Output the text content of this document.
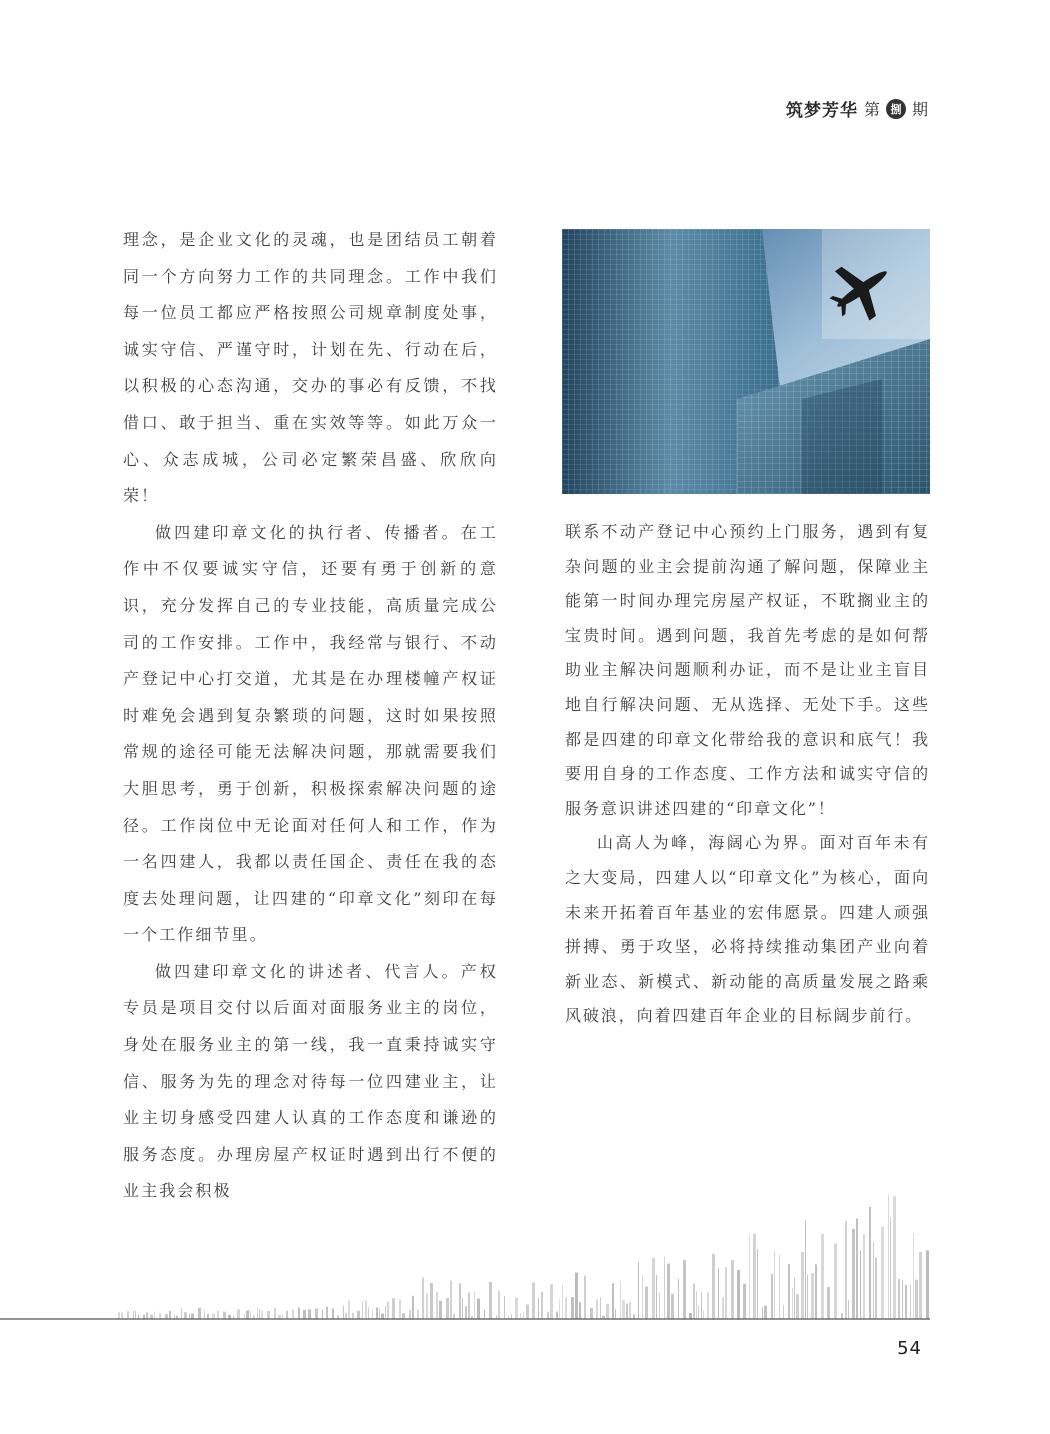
筑梦芳华 第 捌 期

理念，是企业文化的灵魂，也是团结员工朝着同一个方向努力工作的共同理念。工作中我们每一位员工都应严格按照公司规章制度处事，诚实守信、严谨守时，计划在先、行动在后，以积极的心态沟通，交办的事必有反馈，不找借口、敢于担当、重在实效等等。如此万众一心、众志成城，公司必定繁荣昌盛、欣欣向荣！

做四建印章文化的执行者、传播者。在工作中不仅要诚实守信，还要有勇于创新的意识，充分发挥自己的专业技能，高质量完成公司的工作安排。工作中，我经常与银行、不动产登记中心打交道，尤其是在办理楼幢产权证时难免会遇到复杂繁琐的问题，这时如果按照常规的途径可能无法解决问题，那就需要我们大胆思考，勇于创新，积极探索解决问题的途径。工作岗位中无论面对任何人和工作，作为一名四建人，我都以责任国企、责任在我的态度去处理问题，让四建的“印章文化”刻印在每一个工作细节里。

做四建印章文化的讲述者、代言人。产权专员是项目交付以后面对面服务业主的岗位，身处在服务业主的第一线，我一直秉持诚实守信、服务为先的理念对待每一位四建业主，让业主切身感受四建人认真的工作态度和谦逊的服务态度。办理房屋产权证时遇到出行不便的业主我会积极

联系不动产登记中心预约上门服务，遇到有复杂问题的业主会提前沟通了解问题，保障业主能第一时间办理完房屋产权证，不耽搁业主的宝贵时间。遇到问题，我首先考虑的是如何帮助业主解决问题顺利办证，而不是让业主盲目地自行解决问题、无从选择、无处下手。这些都是四建的印章文化带给我的意识和底气！我要用自身的工作态度、工作方法和诚实守信的服务意识讲述四建的“印章文化”！

山高人为峰，海阔心为界。面对百年未有之大变局，四建人以“印章文化”为核心，面向未来开拓着百年基业的宏伟愿景。四建人顽强拼搏、勇于攻坚，必将持续推动集团产业向着新业态、新模式、新动能的高质量发展之路乘风破浪，向着四建百年企业的目标阔步前行。

54
